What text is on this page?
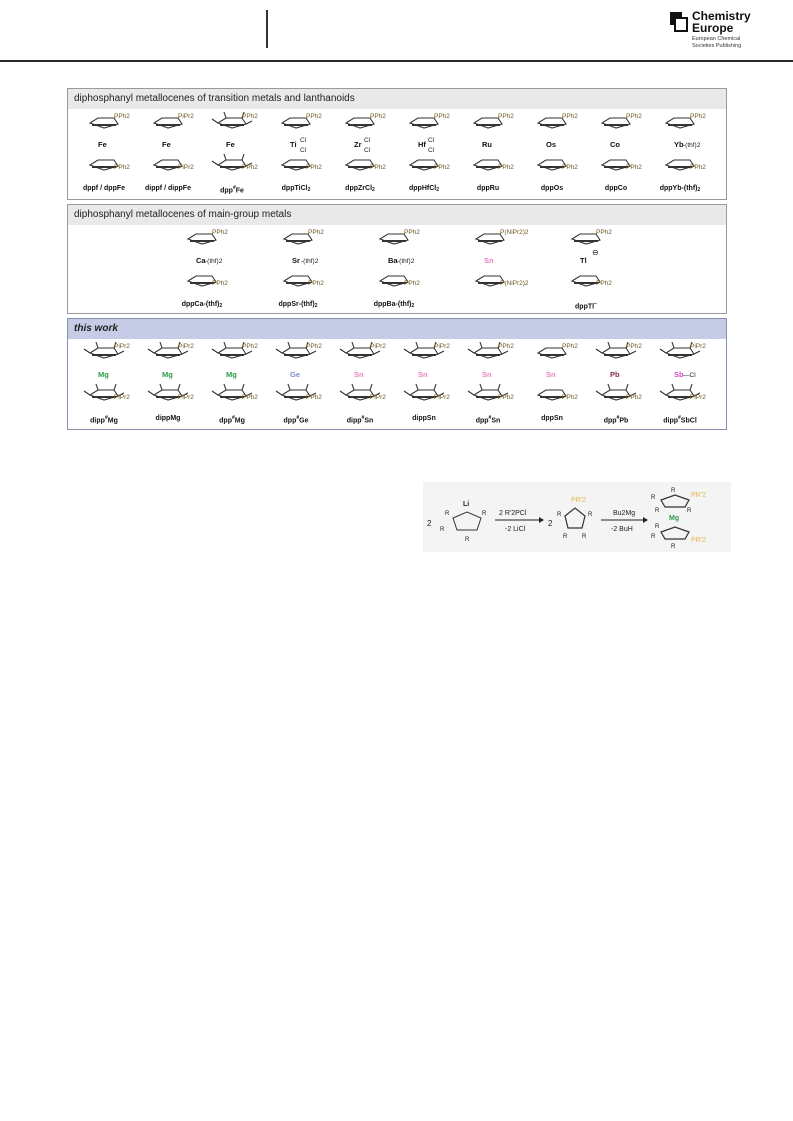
Chemistry
Europe
European Chemical
Societies Publishing
diphosphanyl metallocenes of transition metals and lanthanoids
PPh2
PPh2
Fe
dppf / dppFe
PiPr2
PiPr2
Fe
dippf / dippFe
PPh2
PPh2
Fe
dpp#Fe
PPh2
PPh2
Ti Cl
Cl
dppTiCl$_2$
PPh2
PPh2
Zr Cl
Cl
dppZrCl$_2$
PPh2
PPh2
Hf Cl
Cl
dppHfCl$_2$
PPh2
PPh2
Ru
dppRu
PPh2
PPh2
Os
dppOs
PPh2
PPh2
Co
dppCo
PPh2
PPh2
Yb -(thf)2
dppYb-$(thf)_2$
diphosphanyl metallocenes of main-group metals
PPh2
PPh2
Ca -(thf)2
dppCa-$(thf)_2$
PPh2
PPh2
Sr -(thf)2
dppSr-$(thf)_2$
PPh2
PPh2
Ba -(thf)2
dppBa-$(thf)_2$
P(NiPr2)2
P(NiPr2)2
Sn
PPh2
PPh2
Tl
⊖
dppTl−
this work
PiPr2
PiPr2
Mg
dipp#Mg
PiPr2
PiPr2
Mg
dippMg
PPh2
PPh2
Mg
dpp#Mg
PPh2
PPh2
Ge
dpp#Ge
PiPr2
PiPr2
Sn
dipp#Sn
PiPr2
PiPr2
Sn
dippSn
PPh2
PPh2
Sn
dpp#Sn
PPh2
PPh2
Sn
dppSn
PPh2
PPh2
Pb
dpp#Pb
PiPr2
PiPr2
Sb —Cl
dipp#SbCl
2
Li
R	R
R
R
2 R'2PCl
-2 LiCl
2
PR'2
R	R
R R
Bu2Mg
-2 BuH
Mg
PR'2
PR'2
R
R
R	R
R
R
R
